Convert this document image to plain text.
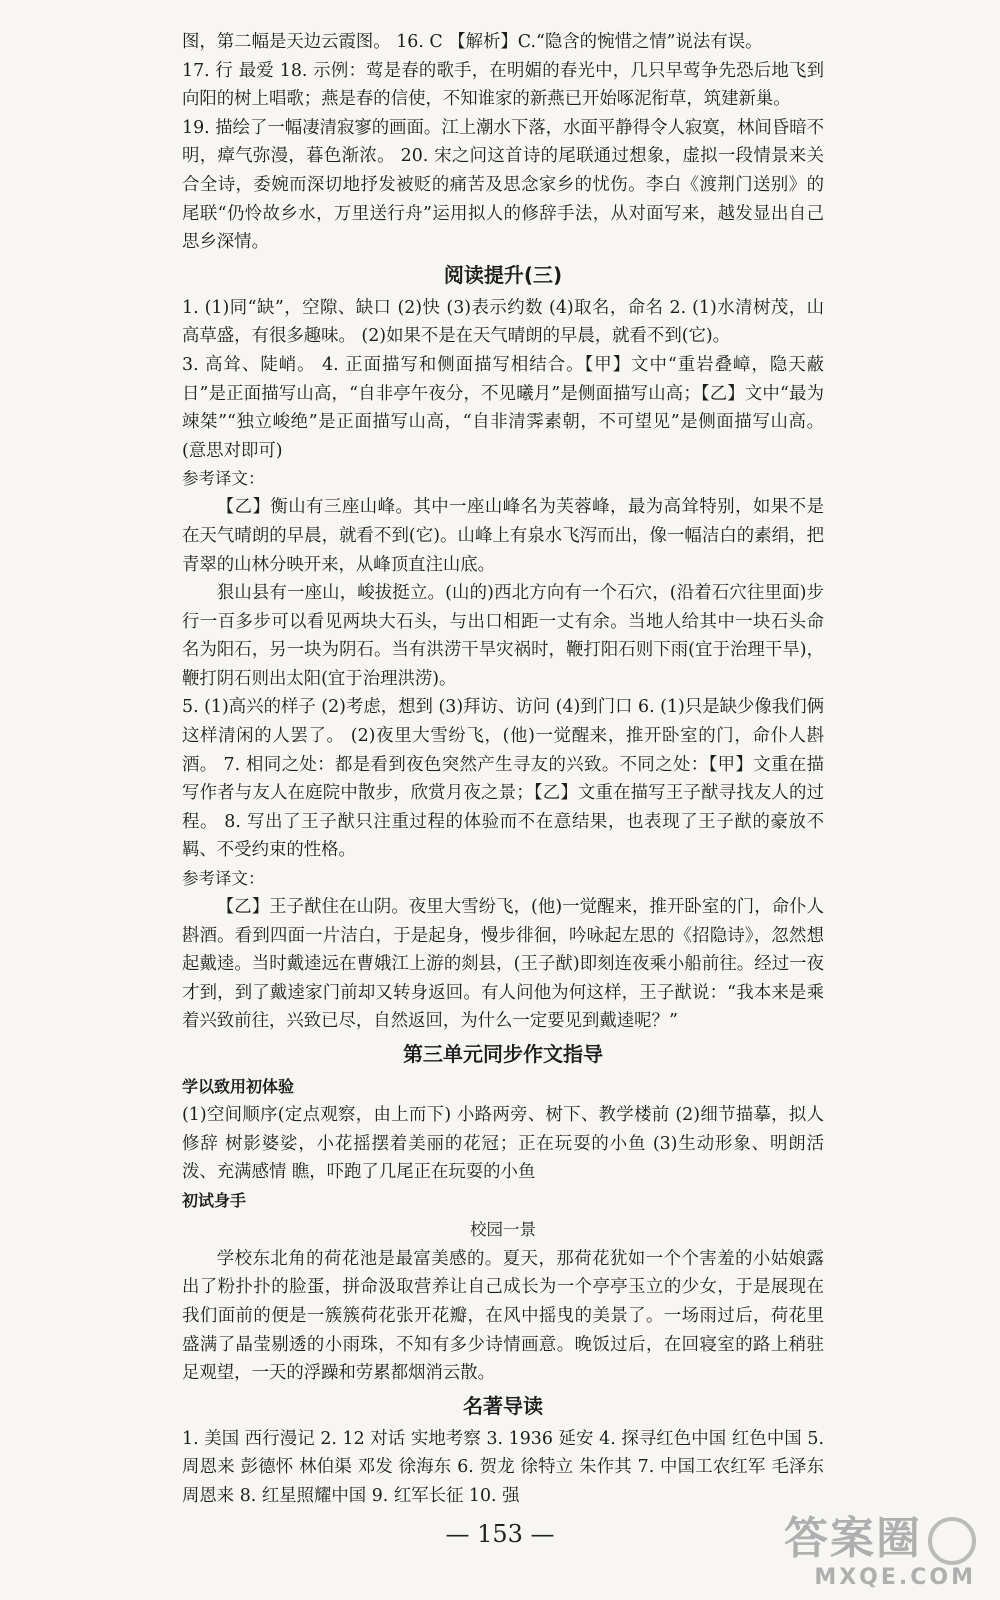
图，第二幅是天边云霞图。 16. C 【解析】C.“隐含的惋惜之情”说法有误。

17. 行 最爱 18. 示例：莺是春的歌手，在明媚的春光中，几只早莺争先恐后地飞到向阳的树上唱歌；燕是春的信使，不知谁家的新燕已开始啄泥衔草，筑建新巢。

19. 描绘了一幅凄清寂寥的画面。江上潮水下落，水面平静得令人寂寞，林间昏暗不明，瘴气弥漫，暮色渐浓。 20. 宋之问这首诗的尾联通过想象，虚拟一段情景来关合全诗，委婉而深切地抒发被贬的痛苦及思念家乡的忧伤。李白《渡荆门送别》的尾联“仍怜故乡水，万里送行舟”运用拟人的修辞手法，从对面写来，越发显出自己思乡深情。

阅读提升(三)

1. (1)同“缺”，空隙、缺口 (2)快 (3)表示约数 (4)取名，命名 2. (1)水清树茂，山高草盛，有很多趣味。 (2)如果不是在天气晴朗的早晨，就看不到(它)。

3. 高耸、陡峭。 4. 正面描写和侧面描写相结合。【甲】文中“重岩叠嶂，隐天蔽日”是正面描写山高，“自非亭午夜分，不见曦月”是侧面描写山高；【乙】文中“最为竦桀”“独立峻绝”是正面描写山高，“自非清霁素朝，不可望见”是侧面描写山高。(意思对即可)

参考译文：

【乙】衡山有三座山峰。其中一座山峰名为芙蓉峰，最为高耸特别，如果不是在天气晴朗的早晨，就看不到(它)。山峰上有泉水飞泻而出，像一幅洁白的素绢，把青翠的山林分映开来，从峰顶直注山底。

狠山县有一座山，峻拔挺立。(山的)西北方向有一个石穴，(沿着石穴往里面)步行一百多步可以看见两块大石头，与出口相距一丈有余。当地人给其中一块石头命名为阳石，另一块为阴石。当有洪涝干旱灾祸时，鞭打阳石则下雨(宜于治理干旱)，鞭打阴石则出太阳(宜于治理洪涝)。

5. (1)高兴的样子 (2)考虑，想到 (3)拜访、访问 (4)到门口 6. (1)只是缺少像我们俩这样清闲的人罢了。 (2)夜里大雪纷飞，(他)一觉醒来，推开卧室的门，命仆人斟酒。 7. 相同之处：都是看到夜色突然产生寻友的兴致。不同之处：【甲】文重在描写作者与友人在庭院中散步，欣赏月夜之景；【乙】文重在描写王子猷寻找友人的过程。 8. 写出了王子猷只注重过程的体验而不在意结果，也表现了王子猷的豪放不羁、不受约束的性格。

参考译文：

【乙】王子猷住在山阴。夜里大雪纷飞，(他)一觉醒来，推开卧室的门，命仆人斟酒。看到四面一片洁白，于是起身，慢步徘徊，吟咏起左思的《招隐诗》，忽然想起戴逵。当时戴逵远在曹娥江上游的剡县，(王子猷)即刻连夜乘小船前往。经过一夜才到，到了戴逵家门前却又转身返回。有人问他为何这样，王子猷说：“我本来是乘着兴致前往，兴致已尽，自然返回，为什么一定要见到戴逵呢？”

第三单元同步作文指导

学以致用初体验

(1)空间顺序(定点观察，由上而下) 小路两旁、树下、教学楼前 (2)细节描摹，拟人修辞 树影婆娑，小花摇摆着美丽的花冠；正在玩耍的小鱼 (3)生动形象、明朗活泼、充满感情 瞧，吓跑了几尾正在玩耍的小鱼

初试身手

校园一景

学校东北角的荷花池是最富美感的。夏天，那荷花犹如一个个害羞的小姑娘露出了粉扑扑的脸蛋，拼命汲取营养让自己成长为一个亭亭玉立的少女，于是展现在我们面前的便是一簇簇荷花张开花瓣，在风中摇曳的美景了。一场雨过后，荷花里盛满了晶莹剔透的小雨珠，不知有多少诗情画意。晚饭过后，在回寝室的路上稍驻足观望，一天的浮躁和劳累都烟消云散。

名著导读

1. 美国 西行漫记 2. 12 对话 实地考察 3. 1936 延安 4. 探寻红色中国 红色中国 5. 周恩来 彭德怀 林伯渠 邓发 徐海东 6. 贺龙 徐特立 朱作其 7. 中国工农红军 毛泽东 周恩来 8. 红星照耀中国 9. 红军长征 10. 强

— 153 —	答案圈
MXQE.COM
